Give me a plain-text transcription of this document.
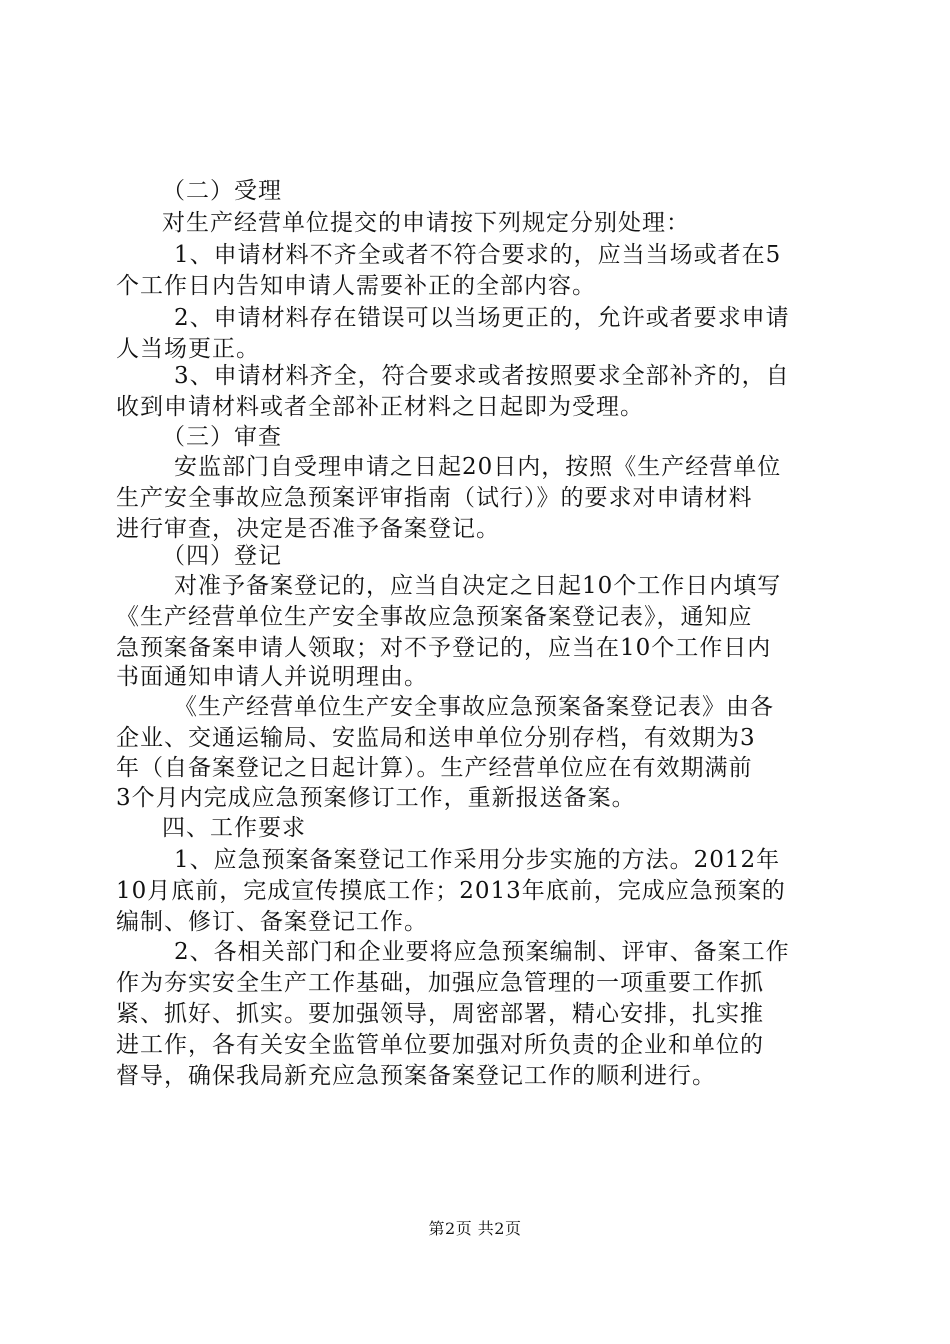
（二）受理
对生产经营单位提交的申请按下列规定分别处理：
1、申请材料不齐全或者不符合要求的，应当当场或者在5
个工作日内告知申请人需要补正的全部内容。
2、申请材料存在错误可以当场更正的，允许或者要求申请
人当场更正。
3、申请材料齐全，符合要求或者按照要求全部补齐的，自
收到申请材料或者全部补正材料之日起即为受理。
（三）审查
安监部门自受理申请之日起20日内，按照《生产经营单位
生产安全事故应急预案评审指南（试行）》的要求对申请材料
进行审查，决定是否准予备案登记。
（四）登记
对准予备案登记的，应当自决定之日起10个工作日内填写
《生产经营单位生产安全事故应急预案备案登记表》，通知应
急预案备案申请人领取；对不予登记的，应当在10个工作日内
书面通知申请人并说明理由。
《生产经营单位生产安全事故应急预案备案登记表》由各
企业、交通运输局、安监局和送申单位分别存档，有效期为3
年（自备案登记之日起计算）。生产经营单位应在有效期满前
3个月内完成应急预案修订工作，重新报送备案。
四、工作要求
1、应急预案备案登记工作采用分步实施的方法。2012年
10月底前，完成宣传摸底工作；2013年底前，完成应急预案的
编制、修订、备案登记工作。
2、各相关部门和企业要将应急预案编制、评审、备案工作
作为夯实安全生产工作基础，加强应急管理的一项重要工作抓
紧、抓好、抓实。要加强领导，周密部署，精心安排，扎实推
进工作，各有关安全监管单位要加强对所负责的企业和单位的
督导，确保我局新充应急预案备案登记工作的顺利进行。
第2页 共2页
